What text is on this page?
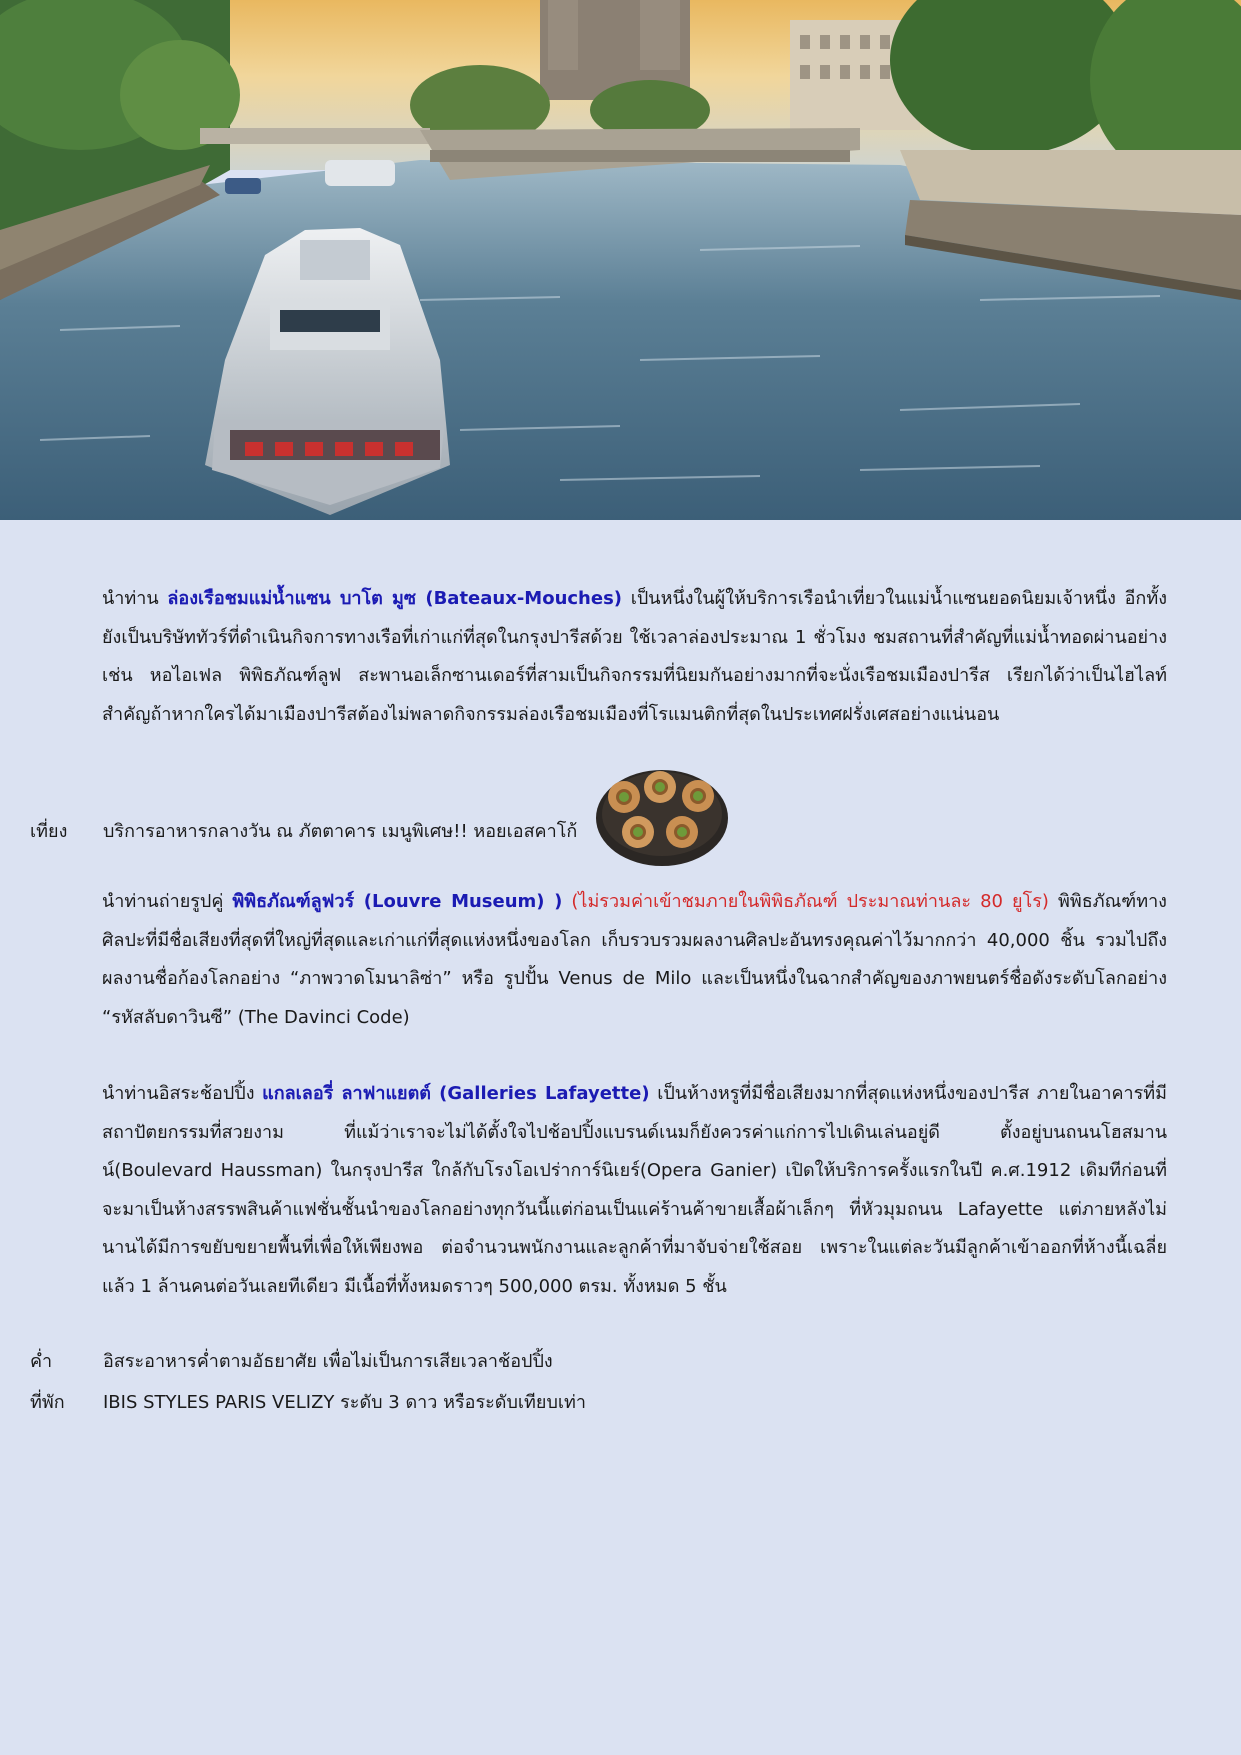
นำท่าน ล่องเรือชมแม่น้ำแซน บาโต มูซ (Bateaux-Mouches) เป็นหนึ่งในผู้ให้บริการเรือนำเที่ยวในแม่น้ำแซนยอดนิยมเจ้าหนึ่ง อีกทั้งยังเป็นบริษัททัวร์ที่ดำเนินกิจการทางเรือที่เก่าแก่ที่สุดในกรุงปารีสด้วย ใช้เวลาล่องประมาณ 1 ชั่วโมง ชมสถานที่สำคัญที่แม่น้ำทอดผ่านอย่างเช่น หอไอเฟล พิพิธภัณฑ์ลูฟ สะพานอเล็กซานเดอร์ที่สามเป็นกิจกรรมที่นิยมกันอย่างมากที่จะนั่งเรือชมเมืองปารีส เรียกได้ว่าเป็นไฮไลท์สำคัญถ้าหากใครได้มาเมืองปารีสต้องไม่พลาดกิจกรรมล่องเรือชมเมืองที่โรแมนติกที่สุดในประเทศฝรั่งเศสอย่างแน่นอน

เที่ยง บริการอาหารกลางวัน ณ ภัตตาคาร เมนูพิเศษ!! หอยเอสคาโก้

นำท่านถ่ายรูปคู่ พิพิธภัณฑ์ลูฟวร์ (Louvre Museum) ) (ไม่รวมค่าเข้าชมภายในพิพิธภัณฑ์ ประมาณท่านละ 80 ยูโร) พิพิธภัณฑ์ทางศิลปะที่มีชื่อเสียงที่สุดที่ใหญ่ที่สุดและเก่าแก่ที่สุดแห่งหนึ่งของโลก เก็บรวบรวมผลงานศิลปะอันทรงคุณค่าไว้มากกว่า 40,000 ชิ้น รวมไปถึงผลงานชื่อก้องโลกอย่าง “ภาพวาดโมนาลิซ่า” หรือ รูปปั้น Venus de Milo และเป็นหนึ่งในฉากสำคัญของภาพยนตร์ชื่อดังระดับโลกอย่าง “รหัสลับดาวินซี” (The Davinci Code)

นำท่านอิสระช้อปปิ้ง แกลเลอรี่ ลาฟาแยตต์ (Galleries Lafayette) เป็นห้างหรูที่มีชื่อเสียงมากที่สุดแห่งหนึ่งของปารีส ภายในอาคารที่มีสถาปัตยกรรมที่สวยงาม ที่แม้ว่าเราจะไม่ได้ตั้งใจไปช้อปปิ้งแบรนด์เนมก็ยังควรค่าแก่การไปเดินเล่นอยู่ดี ตั้งอยู่บนถนนโฮสมานน์(Boulevard Haussman) ในกรุงปารีส ใกล้กับโรงโอเปร่าการ์นิเยร์(Opera Ganier) เปิดให้บริการครั้งแรกในปี ค.ศ.1912 เดิมทีก่อนที่จะมาเป็นห้างสรรพสินค้าแฟชั่นชั้นนำของโลกอย่างทุกวันนี้แต่ก่อนเป็นแค่ร้านค้าขายเสื้อผ้าเล็กๆ ที่หัวมุมถนน Lafayette แต่ภายหลังไม่นานได้มีการขยับขยายพื้นที่เพื่อให้เพียงพอ ต่อจำนวนพนักงานและลูกค้าที่มาจับจ่ายใช้สอย เพราะในแต่ละวันมีลูกค้าเข้าออกที่ห้างนี้เฉลี่ยแล้ว 1 ล้านคนต่อวันเลยทีเดียว มีเนื้อที่ทั้งหมดราวๆ 500,000 ตรม. ทั้งหมด 5 ชั้น

ค่ำ	อิสระอาหารค่ำตามอัธยาศัย เพื่อไม่เป็นการเสียเวลาช้อปปิ้ง
ที่พัก IBIS STYLES PARIS VELIZY ระดับ 3 ดาว หรือระดับเทียบเท่า
